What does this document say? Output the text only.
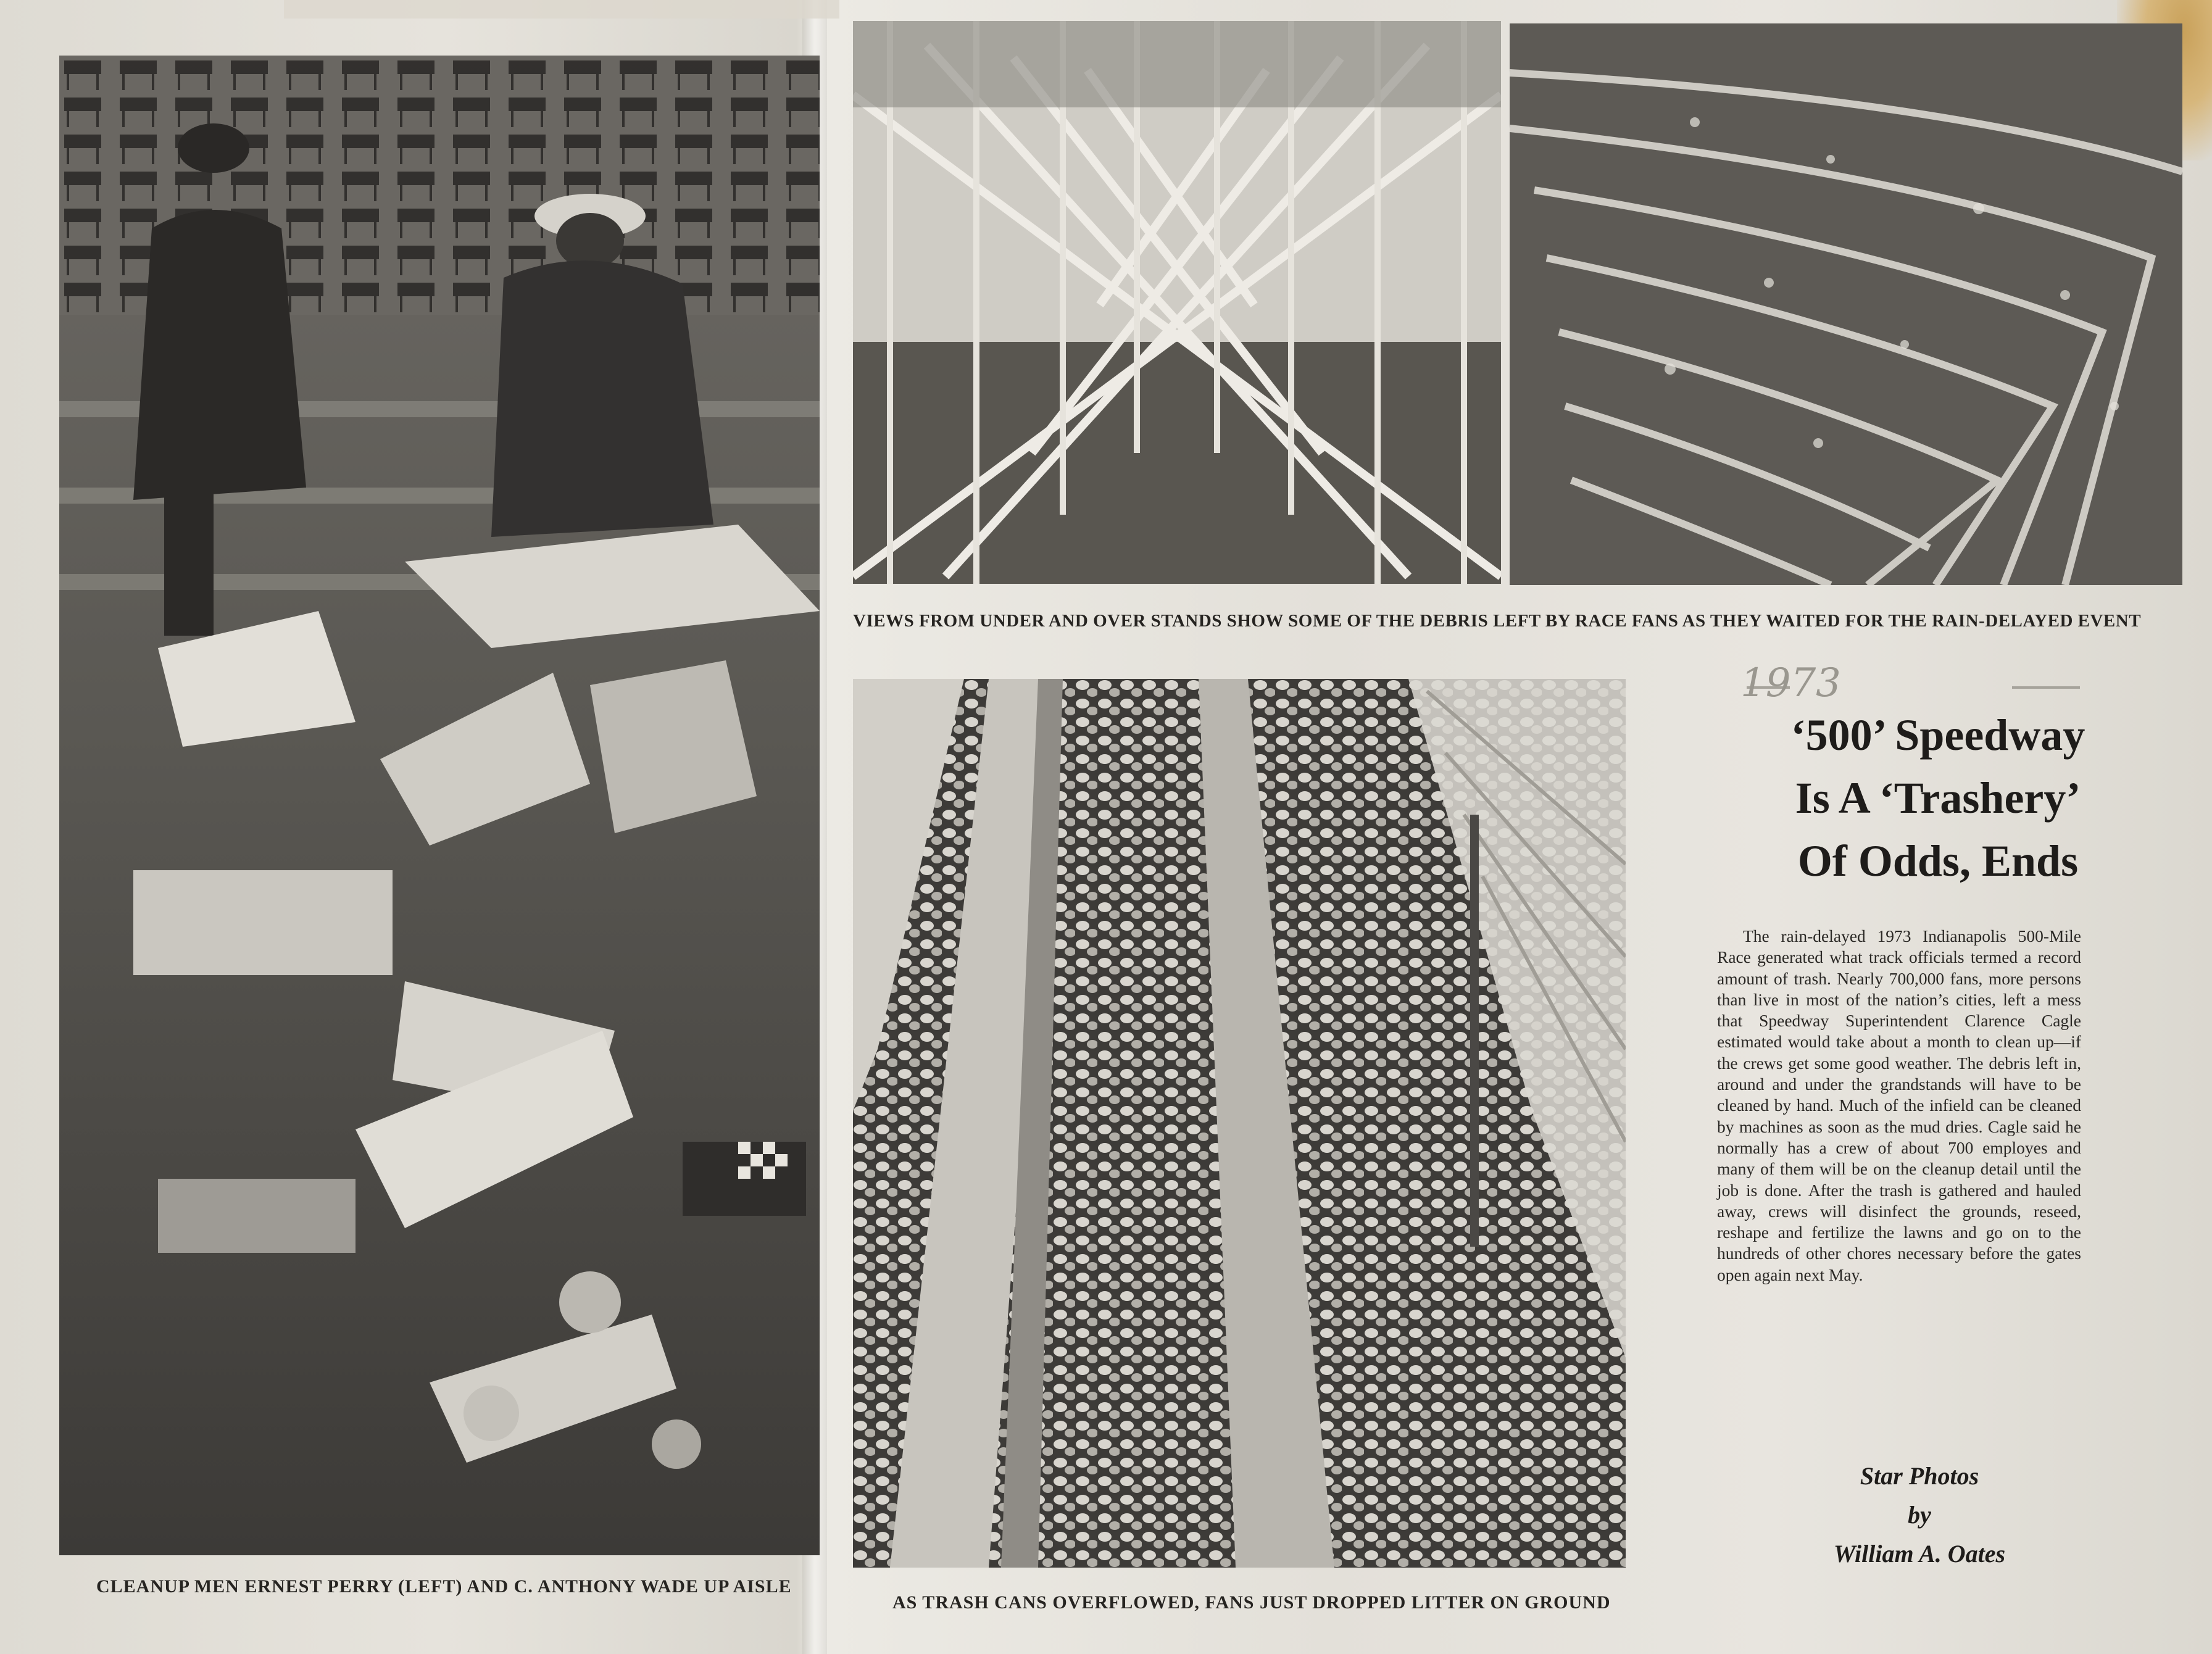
VIEWS FROM UNDER AND OVER STANDS SHOW SOME OF THE DEBRIS LEFT BY RACE FANS AS THEY WAITED FOR THE RAIN-DELAYED EVENT
CLEANUP MEN ERNEST PERRY (LEFT) AND C. ANTHONY WADE UP AISLE
AS TRASH CANS OVERFLOWED, FANS JUST DROPPED LITTER ON GROUND
1973
‘500’ Speedway
Is A ‘Trashery’
Of Odds, Ends
The rain-delayed 1973 Indianapolis 500-Mile Race generated what track officials termed a record amount of trash. Nearly 700,000 fans, more persons than live in most of the nation’s cities, left a mess that Speedway Superintendent Clarence Cagle estimated would take about a month to clean up—if the crews get some good weather. The debris left in, around and under the grandstands will have to be cleaned by hand. Much of the infield can be cleaned by machines as soon as the mud dries. Cagle said he normally has a crew of about 700 employes and many of them will be on the cleanup detail until the job is done. After the trash is gathered and hauled away, crews will disinfect the grounds, reseed, reshape and fertilize the lawns and go on to the hundreds of other chores necessary before the gates open again next May.
Star Photos
by
William A. Oates
